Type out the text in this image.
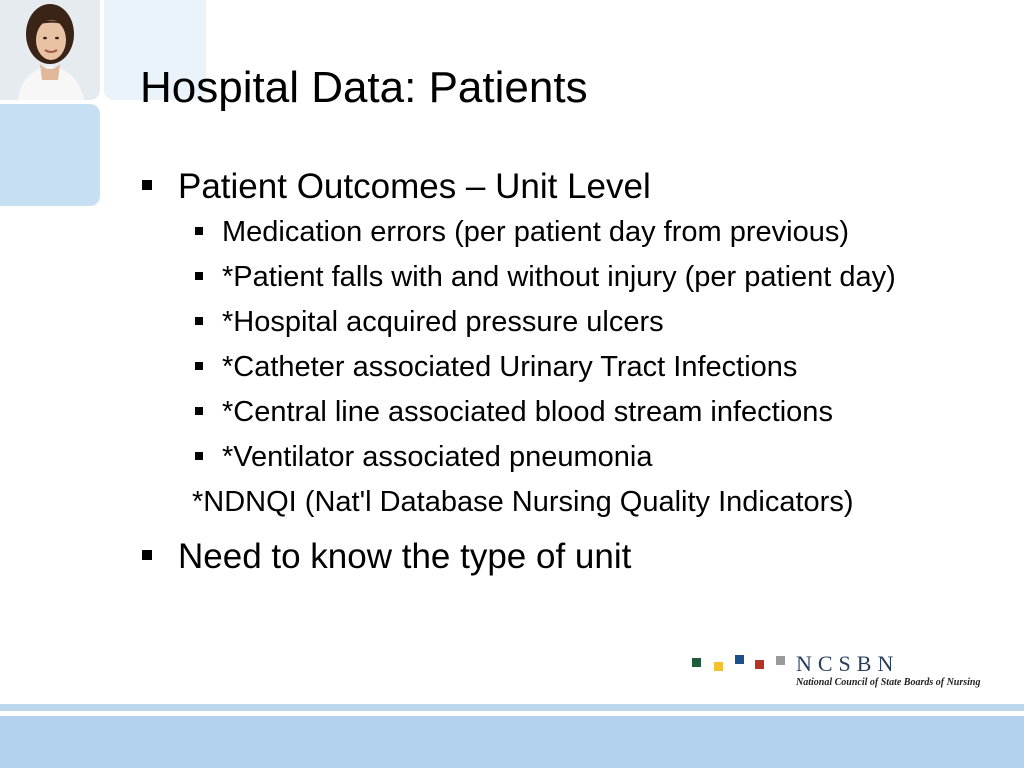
Hospital Data: Patients
Patient Outcomes – Unit Level
Medication errors (per patient day from previous)
*Patient falls with and without injury (per patient day)
*Hospital acquired pressure ulcers
*Catheter associated Urinary Tract Infections
*Central line associated blood stream infections
*Ventilator associated pneumonia
*NDNQI (Nat'l Database Nursing Quality Indicators)
Need to know the type of unit
NCSBN
National Council of State Boards of Nursing
